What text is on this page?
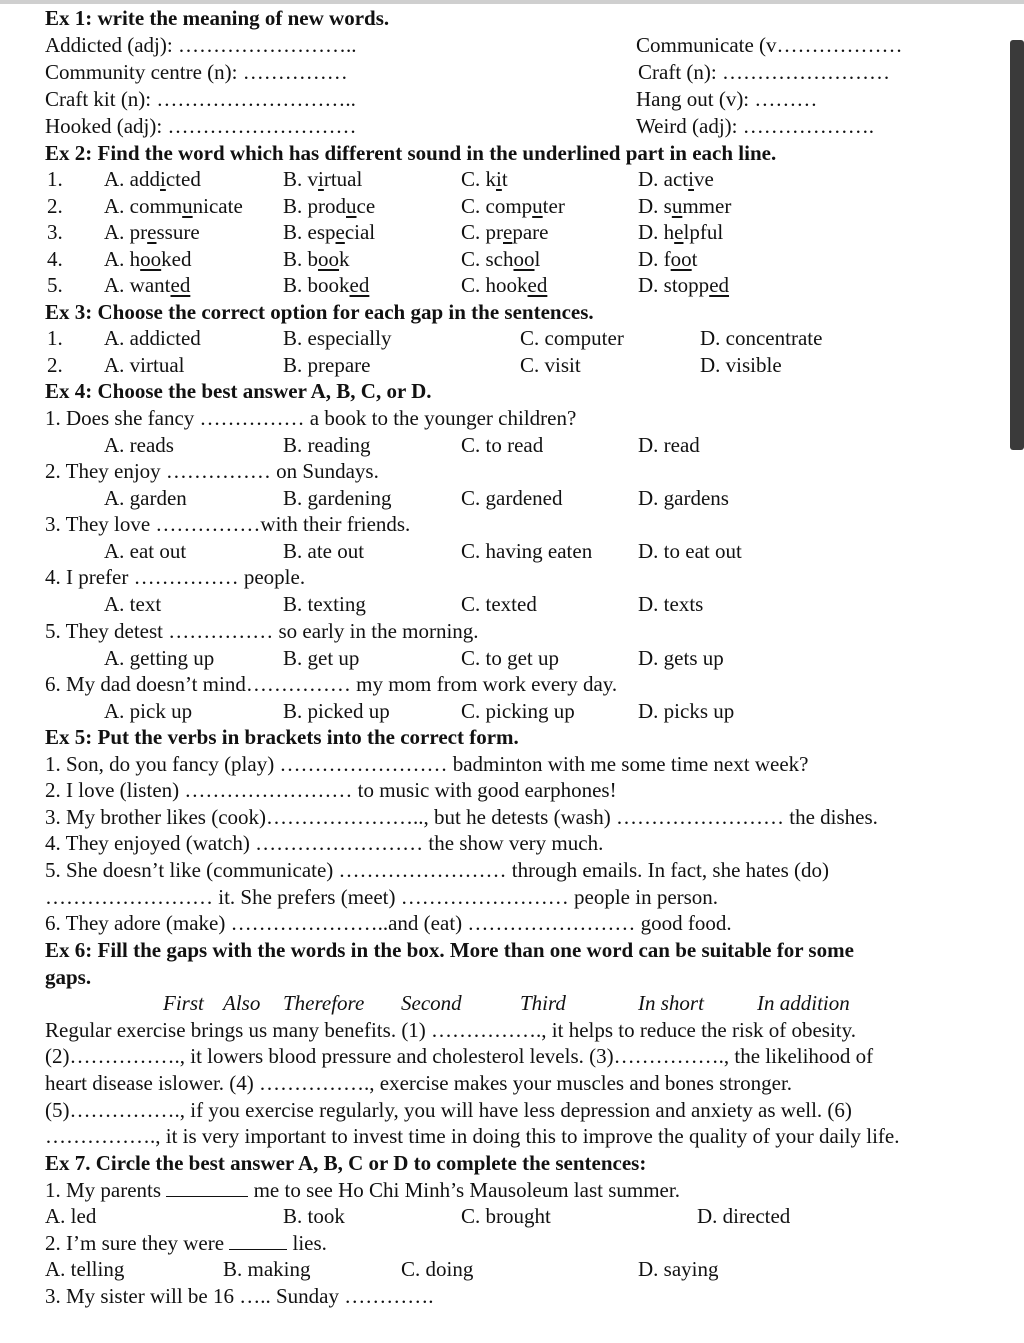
Ex 1: write the meaning of new words.
Addicted (adj): ……………………..	Communicate (v………………
Community centre (n): ……………	Craft (n): ……………………
Craft kit (n): ………………………..	Hang out (v): ………
Hooked (adj): ………………………	Weird (adj): ……………….
Ex 2: Find the word which has different sound in the underlined part in each line.
1. A. addicted	B. virtual	C. kit	D. active
2. A. communicate B. produce	C. computer	D. summer
3. A. pressure	B. especial	C. prepare	D. helpful
4. A. hooked	B. book	C. school	D. foot
5. A. wanted	B. booked	C. hooked	D. stopped
Ex 3: Choose the correct option for each gap in the sentences.
1. A. addicted	B. especially	C. computer	D. concentrate
2. A. virtual	B. prepare	C. visit	D. visible
Ex 4: Choose the best answer A, B, C, or D.
1. Does she fancy …………… a book to the younger children?
A. reads	B. reading	C. to read	D. read
2. They enjoy …………… on Sundays.
A. garden	B. gardening	C. gardened	D. gardens
3. They love ……………with their friends.
A. eat out	B. ate out	C. having eaten D. to eat out
4. I prefer …………… people.
A. text	B. texting	C. texted	D. texts
5. They detest …………… so early in the morning.
A. getting up	B. get up	C. to get up	D. gets up
6. My dad doesn’t mind…………… my mom from work every day.
A. pick up	B. picked up	C. picking up	D. picks up
Ex 5: Put the verbs in brackets into the correct form.
1. Son, do you fancy (play) …………………… badminton with me some time next week?
2. I love (listen) …………………… to music with good earphones!
3. My brother likes (cook)………………….., but he detests (wash) …………………… the dishes.
4. They enjoyed (watch) …………………… the show very much.
5. She doesn’t like (communicate) …………………… through emails. In fact, she hates (do)
…………………… it. She prefers (meet) …………………… people in person.
6. They adore (make) …………………..and (eat) …………………… good food.
Ex 6: Fill the gaps with the words in the box. More than one word can be suitable for some
gaps.
First Also Therefore Second	Third	In short	In addition
Regular exercise brings us many benefits. (1) ……………., it helps to reduce the risk of obesity.
(2)……………., it lowers blood pressure and cholesterol levels. (3)……………., the likelihood of
heart disease islower. (4) ……………., exercise makes your muscles and bones stronger.
(5)……………., if you exercise regularly, you will have less depression and anxiety as well. (6)
……………., it is very important to invest time in doing this to improve the quality of your daily life.
Ex 7. Circle the best answer A, B, C or D to complete the sentences:
1. My parents	me to see Ho Chi Minh’s Mausoleum last summer.
A. led	B. took	C. brought	D. directed
2. I’m sure they were	lies.
A. telling	B. making	C. doing	D. saying
3. My sister will be 16 ….. Sunday ………….
